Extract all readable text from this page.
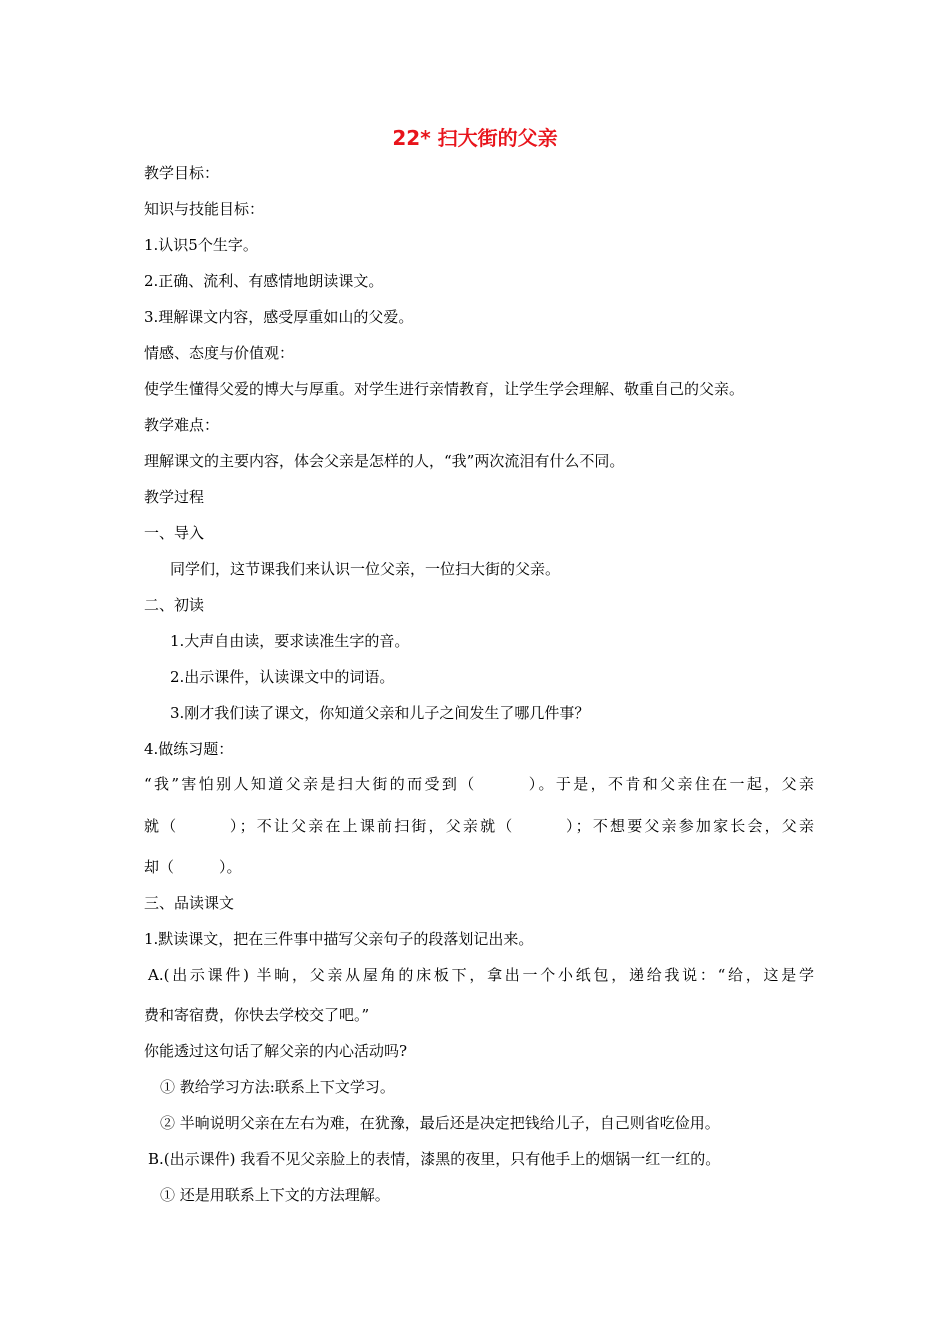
22* 扫大街的父亲
教学目标：
知识与技能目标：
1.认识5个生字。
2.正确、流利、有感情地朗读课文。
3.理解课文内容，感受厚重如山的父爱。
情感、态度与价值观：
使学生懂得父爱的博大与厚重。对学生进行亲情教育，让学生学会理解、敬重自己的父亲。
教学难点：
理解课文的主要内容，体会父亲是怎样的人，“我”两次流泪有什么不同。
教学过程
一、导入
同学们，这节课我们来认识一位父亲，一位扫大街的父亲。
二、初读
1.大声自由读，要求读准生字的音。
2.出示课件，认读课文中的词语。
3.刚才我们读了课文，你知道父亲和儿子之间发生了哪几件事？
4.做练习题：
“我”害怕别人知道父亲是扫大街的而受到（　　　）。于是，不肯和父亲住在一起，父亲
就（　　　）；不让父亲在上课前扫街，父亲就（　　　）；不想要父亲参加家长会，父亲
却（　　　）。
三、品读课文
1.默读课文，把在三件事中描写父亲句子的段落划记出来。
A.(出示课件) 半晌，父亲从屋角的床板下，拿出一个小纸包，递给我说：“给，这是学
费和寄宿费，你快去学校交了吧。”
你能透过这句话了解父亲的内心活动吗?
① 教给学习方法:联系上下文学习。
② 半晌说明父亲在左右为难，在犹豫，最后还是决定把钱给儿子，自己则省吃俭用。
B.(出示课件) 我看不见父亲脸上的表情，漆黑的夜里，只有他手上的烟锅一红一红的。
① 还是用联系上下文的方法理解。
